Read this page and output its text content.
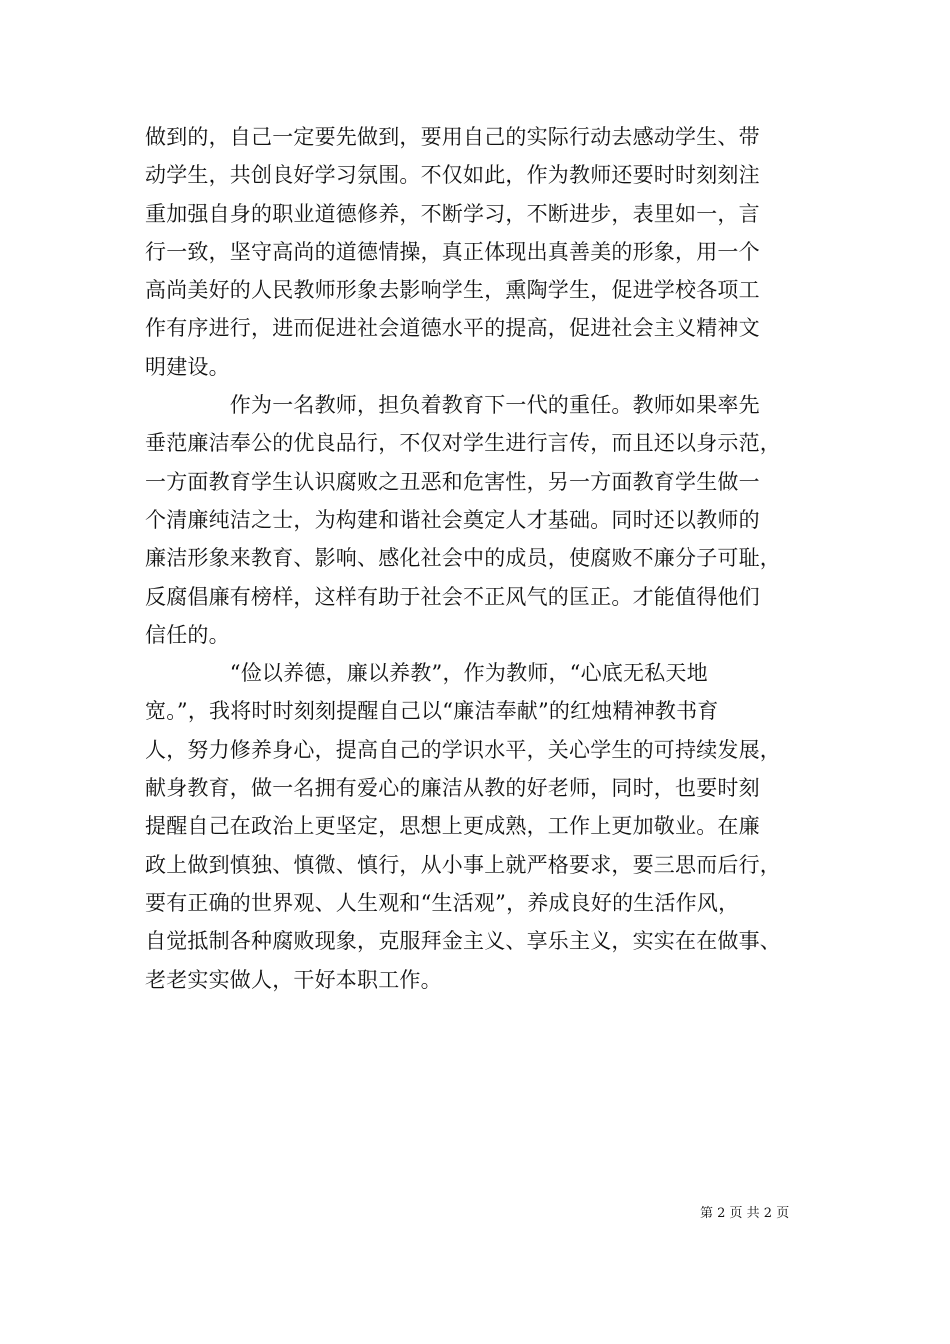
做到的，自己一定要先做到，要用自己的实际行动去感动学生、带
动学生，共创良好学习氛围。不仅如此，作为教师还要时时刻刻注
重加强自身的职业道德修养，不断学习，不断进步，表里如一，言
行一致，坚守高尚的道德情操，真正体现出真善美的形象，用一个
高尚美好的人民教师形象去影响学生，熏陶学生，促进学校各项工
作有序进行，进而促进社会道德水平的提高，促进社会主义精神文
明建设。
　　　　作为一名教师，担负着教育下一代的重任。教师如果率先
垂范廉洁奉公的优良品行，不仅对学生进行言传，而且还以身示范，
一方面教育学生认识腐败之丑恶和危害性，另一方面教育学生做一
个清廉纯洁之士，为构建和谐社会奠定人才基础。同时还以教师的
廉洁形象来教育、影响、感化社会中的成员，使腐败不廉分子可耻，
反腐倡廉有榜样，这样有助于社会不正风气的匡正。才能值得他们
信任的。
　　　　“俭以养德，廉以养教”，作为教师，“心底无私天地
宽。”，我将时时刻刻提醒自己以“廉洁奉献”的红烛精神教书育
人，努力修养身心，提高自己的学识水平，关心学生的可持续发展，
献身教育，做一名拥有爱心的廉洁从教的好老师，同时，也要时刻
提醒自己在政治上更坚定，思想上更成熟，工作上更加敬业。在廉
政上做到慎独、慎微、慎行，从小事上就严格要求，要三思而后行，
要有正确的世界观、人生观和“生活观”，养成良好的生活作风，
自觉抵制各种腐败现象，克服拜金主义、享乐主义，实实在在做事、
老老实实做人，干好本职工作。
第 2 页 共 2 页
